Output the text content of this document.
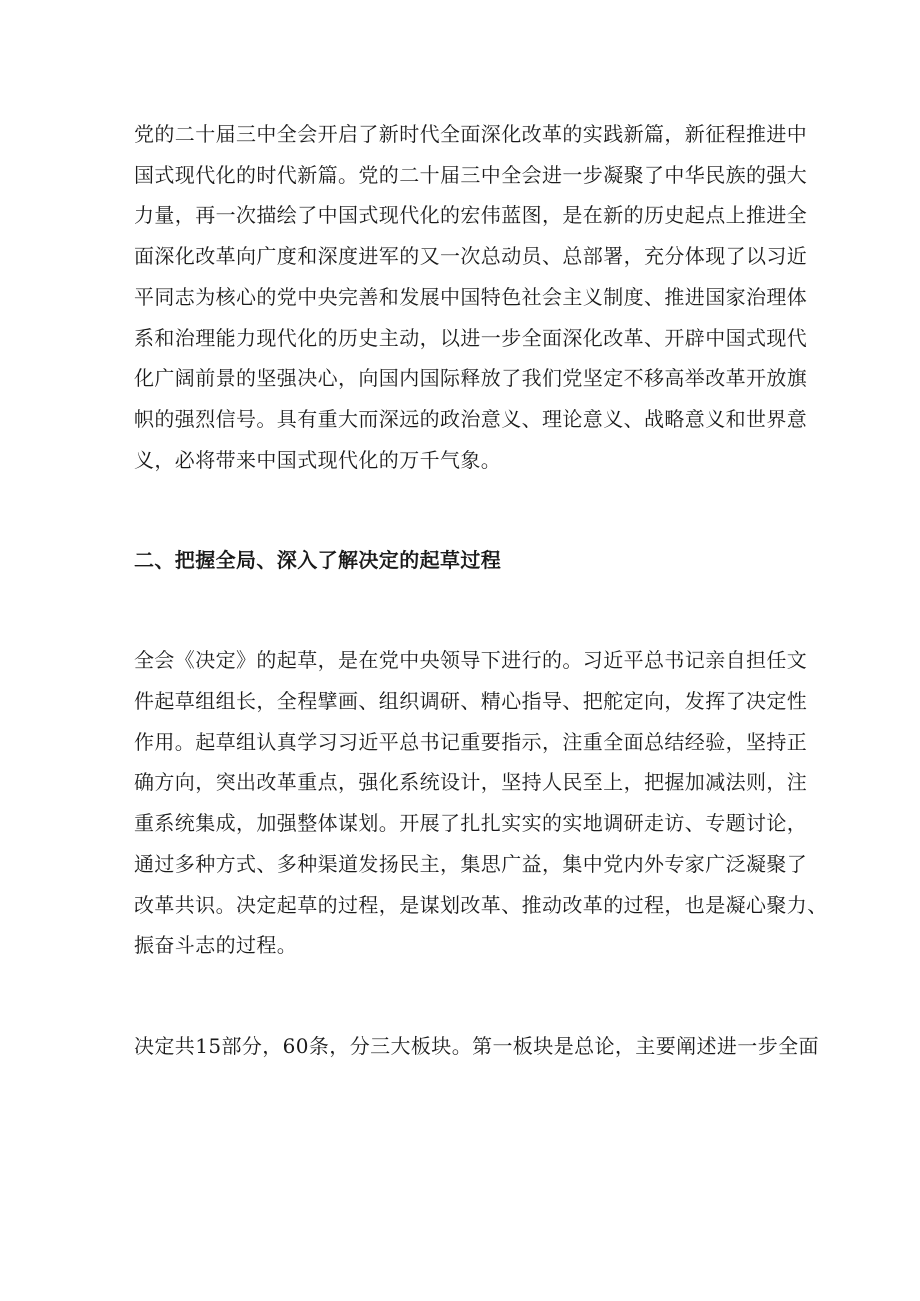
党的二十届三中全会开启了新时代全面深化改革的实践新篇，新征程推进中
国式现代化的时代新篇。党的二十届三中全会进一步凝聚了中华民族的强大
力量，再一次描绘了中国式现代化的宏伟蓝图，是在新的历史起点上推进全
面深化改革向广度和深度进军的又一次总动员、总部署，充分体现了以习近
平同志为核心的党中央完善和发展中国特色社会主义制度、推进国家治理体
系和治理能力现代化的历史主动，以进一步全面深化改革、开辟中国式现代
化广阔前景的坚强决心，向国内国际释放了我们党坚定不移高举改革开放旗
帜的强烈信号。具有重大而深远的政治意义、理论意义、战略意义和世界意
义，必将带来中国式现代化的万千气象。

二、把握全局、深入了解决定的起草过程

全会《决定》的起草，是在党中央领导下进行的。习近平总书记亲自担任文
件起草组组长，全程擘画、组织调研、精心指导、把舵定向，发挥了决定性
作用。起草组认真学习习近平总书记重要指示，注重全面总结经验，坚持正
确方向，突出改革重点，强化系统设计，坚持人民至上，把握加减法则，注
重系统集成，加强整体谋划。开展了扎扎实实的实地调研走访、专题讨论，
通过多种方式、多种渠道发扬民主，集思广益，集中党内外专家广泛凝聚了
改革共识。决定起草的过程，是谋划改革、推动改革的过程，也是凝心聚力、
振奋斗志的过程。

决定共15部分，60条，分三大板块。第一板块是总论，主要阐述进一步全面
